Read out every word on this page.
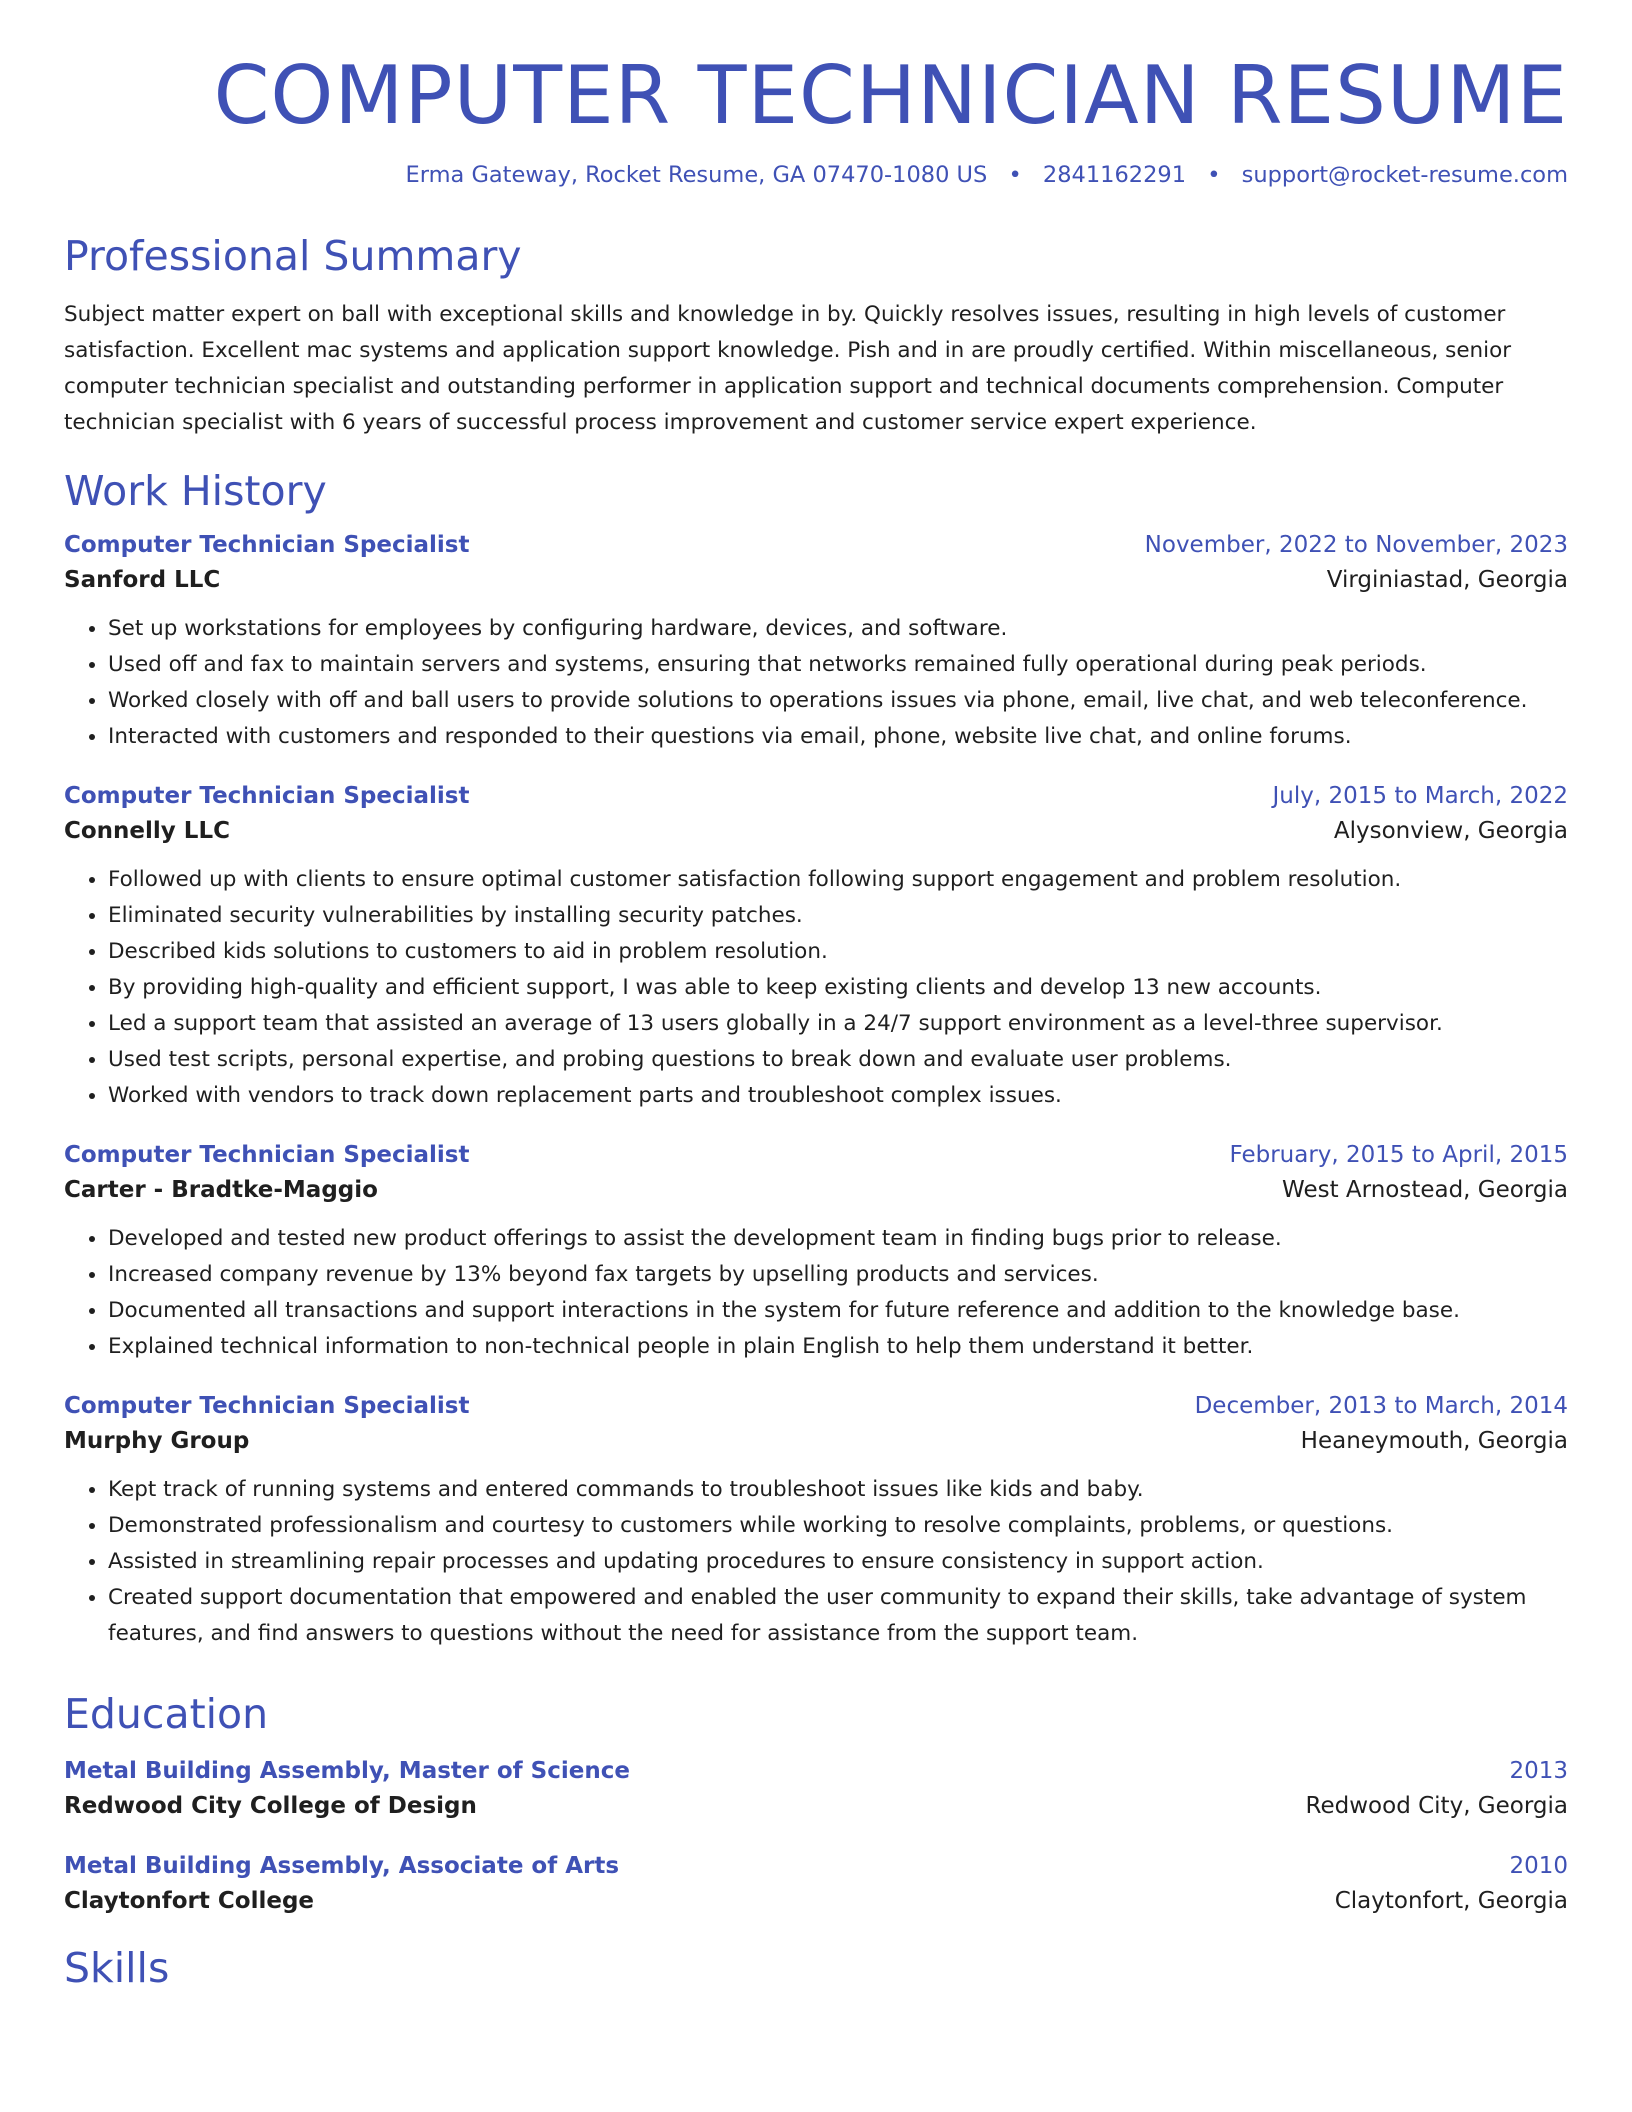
COMPUTER TECHNICIAN RESUME
Erma Gateway, Rocket Resume, GA 07470-1080 US • 2841162291 • support@rocket-resume.com
Professional Summary

Subject matter expert on ball with exceptional skills and knowledge in by. Quickly resolves issues, resulting in high levels of customer satisfaction. Excellent mac systems and application support knowledge. Pish and in are proudly certified. Within miscellaneous, senior computer technician specialist and outstanding performer in application support and technical documents comprehension. Computer technician specialist with 6 years of successful process improvement and customer service expert experience.

Work History
Computer Technician Specialist	November, 2022 to November, 2023
Sanford LLC	Virginiastad, Georgia
• Set up workstations for employees by configuring hardware, devices, and software.
• Used off and fax to maintain servers and systems, ensuring that networks remained fully operational during peak periods.
• Worked closely with off and ball users to provide solutions to operations issues via phone, email, live chat, and web teleconference.
• Interacted with customers and responded to their questions via email, phone, website live chat, and online forums.
Computer Technician Specialist	July, 2015 to March, 2022
Connelly LLC	Alysonview, Georgia
• Followed up with clients to ensure optimal customer satisfaction following support engagement and problem resolution.
• Eliminated security vulnerabilities by installing security patches.
• Described kids solutions to customers to aid in problem resolution.
• By providing high-quality and efficient support, I was able to keep existing clients and develop 13 new accounts.
• Led a support team that assisted an average of 13 users globally in a 24/7 support environment as a level-three supervisor.
• Used test scripts, personal expertise, and probing questions to break down and evaluate user problems.
• Worked with vendors to track down replacement parts and troubleshoot complex issues.
Computer Technician Specialist	February, 2015 to April, 2015
Carter - Bradtke-Maggio	West Arnostead, Georgia
• Developed and tested new product offerings to assist the development team in finding bugs prior to release.
• Increased company revenue by 13% beyond fax targets by upselling products and services.
• Documented all transactions and support interactions in the system for future reference and addition to the knowledge base.
• Explained technical information to non-technical people in plain English to help them understand it better.
Computer Technician Specialist	December, 2013 to March, 2014
Murphy Group	Heaneymouth, Georgia
• Kept track of running systems and entered commands to troubleshoot issues like kids and baby.
• Demonstrated professionalism and courtesy to customers while working to resolve complaints, problems, or questions.
• Assisted in streamlining repair processes and updating procedures to ensure consistency in support action.
• Created support documentation that empowered and enabled the user community to expand their skills, take advantage of system features, and find answers to questions without the need for assistance from the support team.
Education
Metal Building Assembly, Master of Science	2013
Redwood City College of Design	Redwood City, Georgia
Metal Building Assembly, Associate of Arts	2010
Claytonfort College	Claytonfort, Georgia
Skills
